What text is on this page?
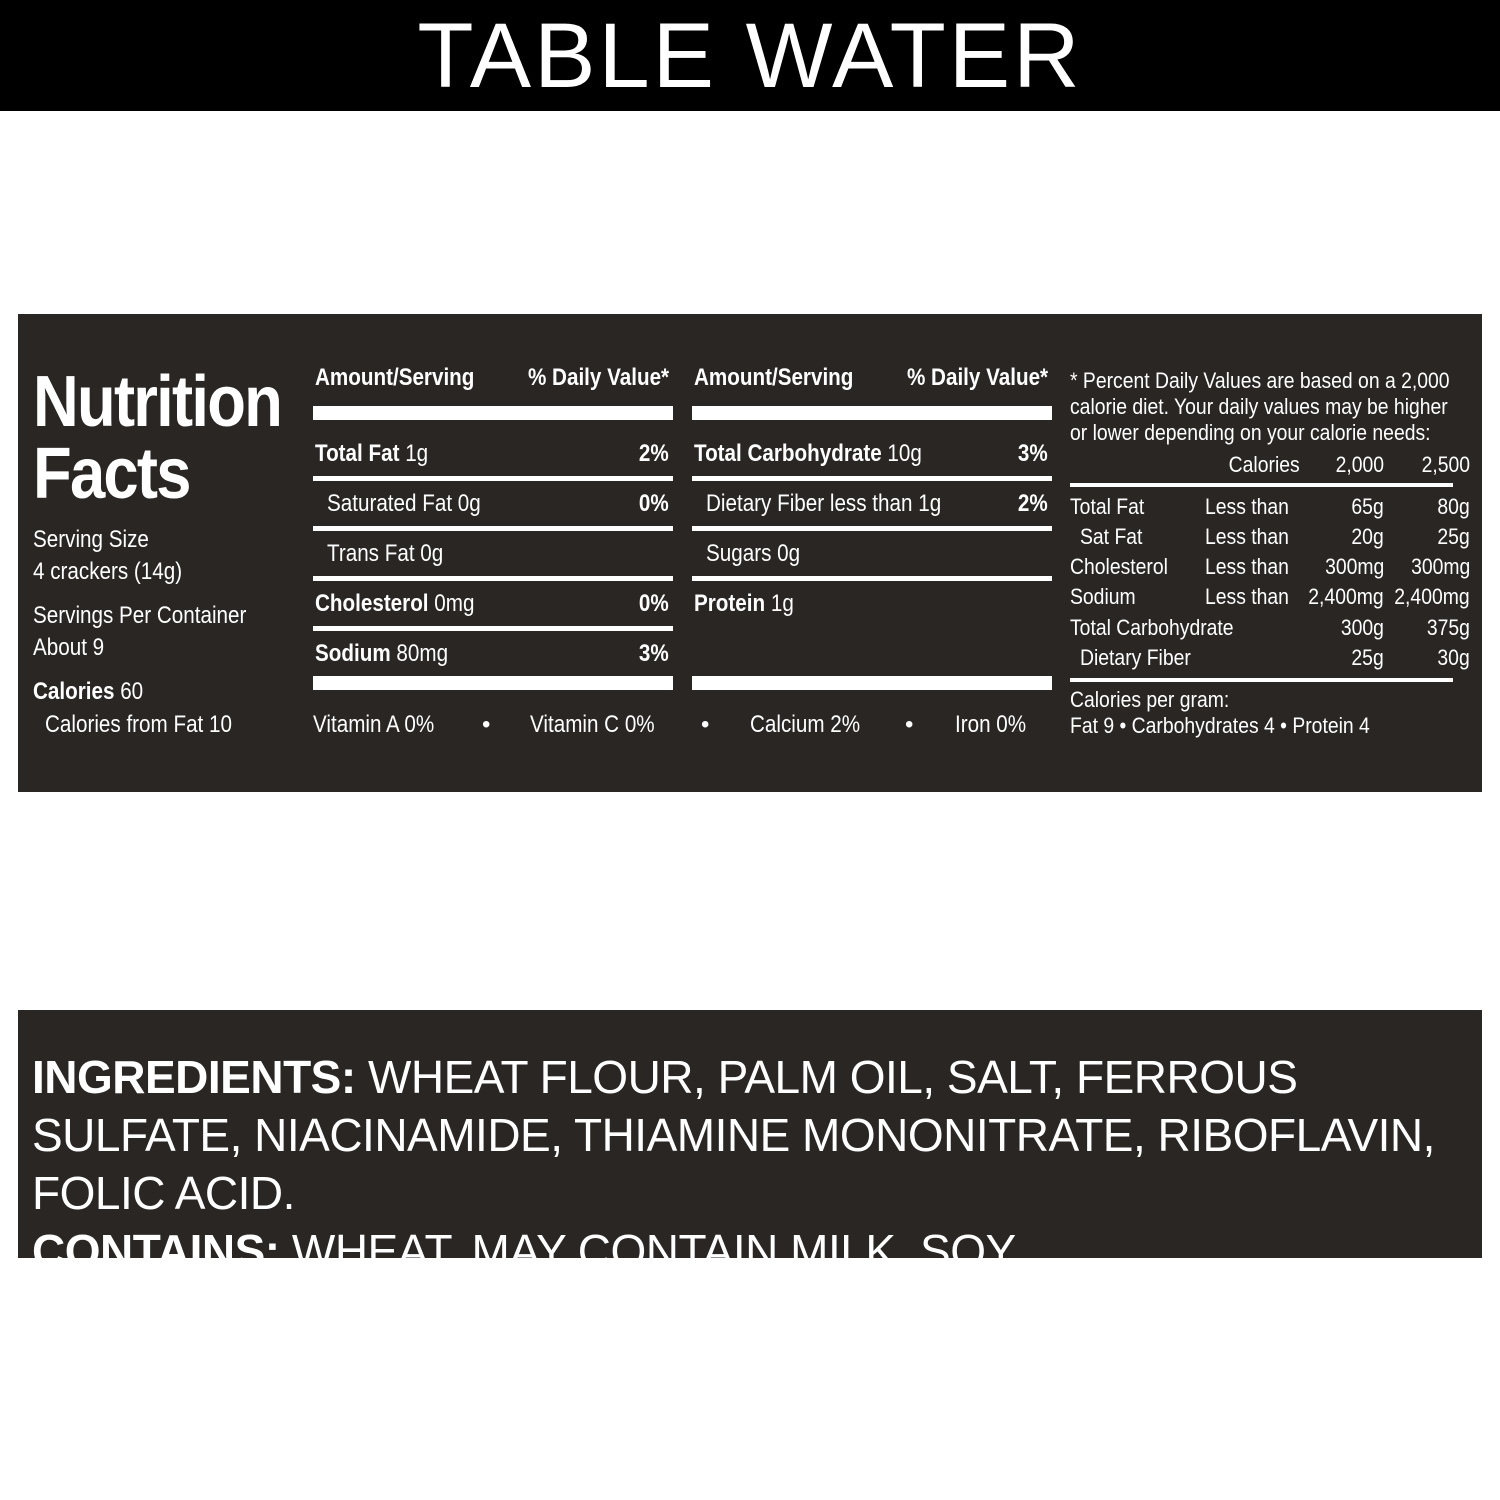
TABLE WATER
Nutrition
Facts
Serving Size
4 crackers (14g)
Servings Per Container
About 9
Calories 60
Calories from Fat 10
Amount/Serving % Daily Value*
Total Fat 1g	2%
Saturated Fat 0g	0%
Trans Fat 0g
Cholesterol 0mg	0%
Sodium 80mg	3%
Amount/Serving % Daily Value*
Total Carbohydrate 10g	3%
Dietary Fiber less than 1g	2%
Sugars 0g
Protein 1g
Vitamin A 0% • Vitamin C 0% • Calcium 2% • Iron 0%
* Percent Daily Values are based on a 2,000
calorie diet. Your daily values may be higher
or lower depending on your calorie needs:
Calories 2,000 2,500
Total Fat	Less than	65g 80g
Sat Fat	Less than	20g 25g
Cholesterol Less than 300mg 300mg
Sodium	Less than 2,400mg 2,400mg
Total Carbohydrate	300g 375g
Dietary Fiber	25g 30g
Calories per gram:
Fat 9 • Carbohydrates 4 • Protein 4
INGREDIENTS: WHEAT FLOUR, PALM OIL, SALT, FERROUS SULFATE, NIACINAMIDE, THIAMINE MONONITRATE, RIBOFLAVIN, FOLIC ACID.
CONTAINS: WHEAT. MAY CONTAIN MILK, SOY.
